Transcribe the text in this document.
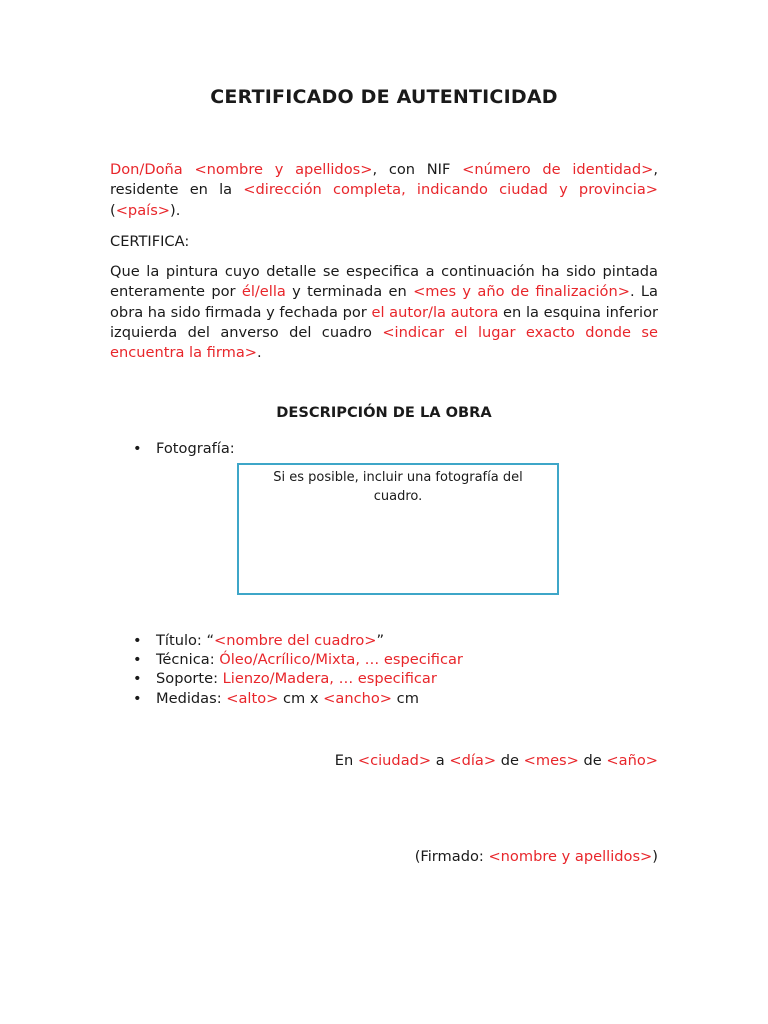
CERTIFICADO DE AUTENTICIDAD
Don/Doña <nombre y apellidos>, con NIF <número de identidad>, residente en la <dirección completa, indicando ciudad y provincia> (<país>).
CERTIFICA:
Que la pintura cuyo detalle se especifica a continuación ha sido pintada enteramente por él/ella y terminada en <mes y año de finalización>. La obra ha sido firmada y fechada por el autor/la autora en la esquina inferior izquierda del anverso del cuadro <indicar el lugar exacto donde se encuentra la firma>.
DESCRIPCIÓN DE LA OBRA
• Fotografía:
Si es posible, incluir una fotografía del cuadro.
• Título: “<nombre del cuadro>”
• Técnica: Óleo/Acrílico/Mixta, … especificar
• Soporte: Lienzo/Madera, … especificar
• Medidas: <alto> cm x <ancho> cm
En <ciudad> a <día> de <mes> de <año>
(Firmado: <nombre y apellidos>)
